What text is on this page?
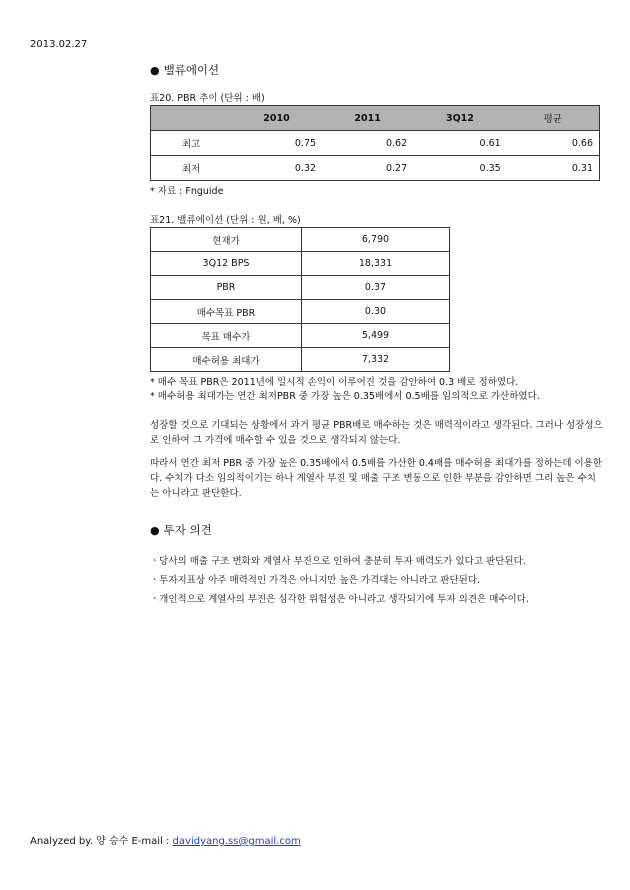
2013.02.27
● 밸류에이션
표20. PBR 추이 (단위 : 배)
	2010	2011	3Q12	평균
최고	0.75	0.62	0.61	0.66
최저	0.32	0.27	0.35	0.31
* 자료 : Fnguide
표21. 밸류에이션 (단위 : 원, 배, %)
현재가	6,790
3Q12 BPS	18,331
PBR	0.37
매수목표 PBR	0.30
목표 매수가	5,499
매수허용 최대가	7,332
* 매수 목표 PBR은 2011년에 일시적 손익이 이루어진 것을 감안하여 0.3 배로 정하였다.
* 매수허용 최대가는 연간 최저PBR 중 가장 높은 0.35배에서 0.5배를 임의적으로 가산하였다.
성장할 것으로 기대되는 상황에서 과거 평균 PBR배로 매수하는 것은 매력적이라고 생각된다. 그러나 성장성으로 인하여 그 가격에 매수할 수 있을 것으로 생각되지 않는다.
따라서 연간 최저 PBR 중 가장 높은 0.35배에서 0.5배를 가산한 0.4배를 매수허용 최대가를 정하는데 이용한다. 수치가 다소 임의적이기는 하나 계열사 부진 및 매출 구조 변동으로 인한 부분을 감안하면 그리 높은 수치는 아니라고 판단한다.
● 투자 의견
ㆍ당사의 매출 구조 변화와 계열사 부진으로 인하여 충분히 투자 매력도가 있다고 판단된다.
ㆍ투자지표상 아주 매력적인 가격은 아니지만 높은 가격대는 아니라고 판단된다.
ㆍ개인적으로 계열사의 부진은 심각한 위험성은 아니라고 생각되기에 투자 의견은 매수이다.
Analyzed by. 양 승수 E-mail : davidyang.ss@gmail.com
